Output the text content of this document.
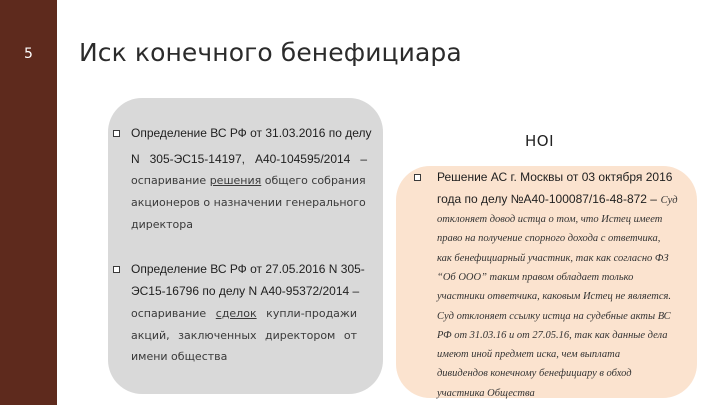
5	Иск конечного бенефициара
НОI
Определение ВС РФ от 31.03.2016 по делу
N 305-ЭС15-14197, А40-104595/2014 –
оспаривание решения общего собрания
акционеров о назначении генерального
директора
Определение ВС РФ от 27.05.2016 N 305-
ЭС15-16796 по делу N А40-95372/2014 –
оспаривание сделок купли-продажи
акций, заключенных директором от
имени общества
Решение АС г. Москвы от 03 октября 2016
года по делу №А40-100087/16-48-872 – Суд
отклоняет довод истца о том, что Истец имеет
право на получение спорного дохода с ответчика,
как бенефициарный участник, так как согласно ФЗ
“Об ООО” таким правом обладает только
участники ответчика, каковым Истец не является.
Суд отклоняет ссылку истца на судебные акты ВС
РФ от 31.03.16 и от 27.05.16, так как данные дела
имеют иной предмет иска, чем выплата
дивидендов конечному бенефициару в обход
участника Общества
